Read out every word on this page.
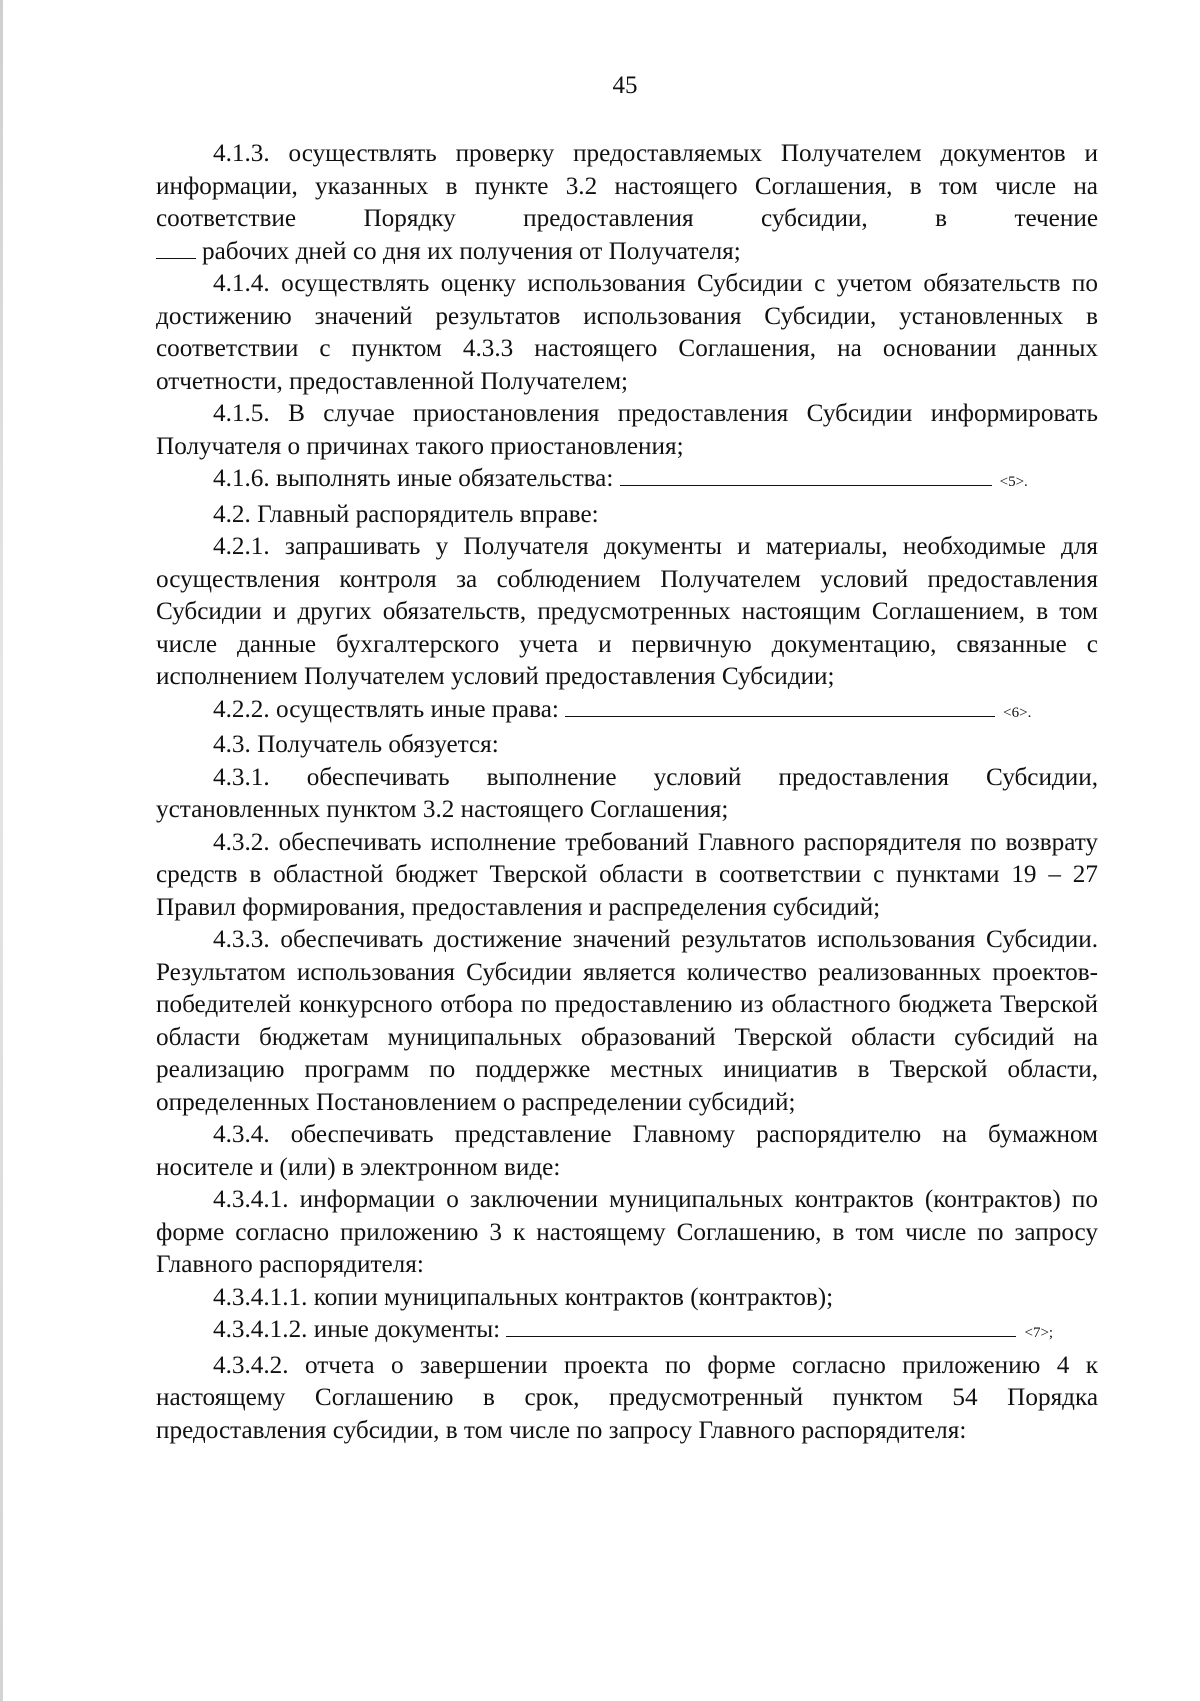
45

4.1.3. осуществлять проверку предоставляемых Получателем документов и информации, указанных в пункте 3.2 настоящего Соглашения, в том числе на соответствие Порядку предоставления субсидии, в течение

рабочих дней со дня их получения от Получателя;

4.1.4. осуществлять оценку использования Субсидии с учетом обязательств по достижению значений результатов использования Субсидии, установленных в соответствии с пунктом 4.3.3 настоящего Соглашения, на основании данных отчетности, предоставленной Получателем;

4.1.5. В случае приостановления предоставления Субсидии информировать Получателя о причинах такого приостановления;

4.1.6. выполнять иные обязательства:	<5>.

4.2. Главный распорядитель вправе:

4.2.1. запрашивать у Получателя документы и материалы, необходимые для осуществления контроля за соблюдением Получателем условий предоставления Субсидии и других обязательств, предусмотренных настоящим Соглашением, в том числе данные бухгалтерского учета и первичную документацию, связанные с исполнением Получателем условий предоставления Субсидии;

4.2.2. осуществлять иные права:	<6>.

4.3. Получатель обязуется:

4.3.1. обеспечивать выполнение условий предоставления Субсидии, установленных пунктом 3.2 настоящего Соглашения;

4.3.2. обеспечивать исполнение требований Главного распорядителя по возврату средств в областной бюджет Тверской области в соответствии с пунктами 19 – 27 Правил формирования, предоставления и распределения субсидий;

4.3.3. обеспечивать достижение значений результатов использования Субсидии. Результатом использования Субсидии является количество реализованных проектов-победителей конкурсного отбора по предоставлению из областного бюджета Тверской области бюджетам муниципальных образований Тверской области субсидий на реализацию программ по поддержке местных инициатив в Тверской области, определенных Постановлением о распределении субсидий;

4.3.4. обеспечивать представление Главному распорядителю на бумажном носителе и (или) в электронном виде:

4.3.4.1. информации о заключении муниципальных контрактов (контрактов) по форме согласно приложению 3 к настоящему Соглашению, в том числе по запросу Главного распорядителя:

4.3.4.1.1. копии муниципальных контрактов (контрактов);

4.3.4.1.2. иные документы:	<7>;

4.3.4.2. отчета о завершении проекта по форме согласно приложению 4 к настоящему Соглашению в срок, предусмотренный пунктом 54 Порядка предоставления субсидии, в том числе по запросу Главного распорядителя:
